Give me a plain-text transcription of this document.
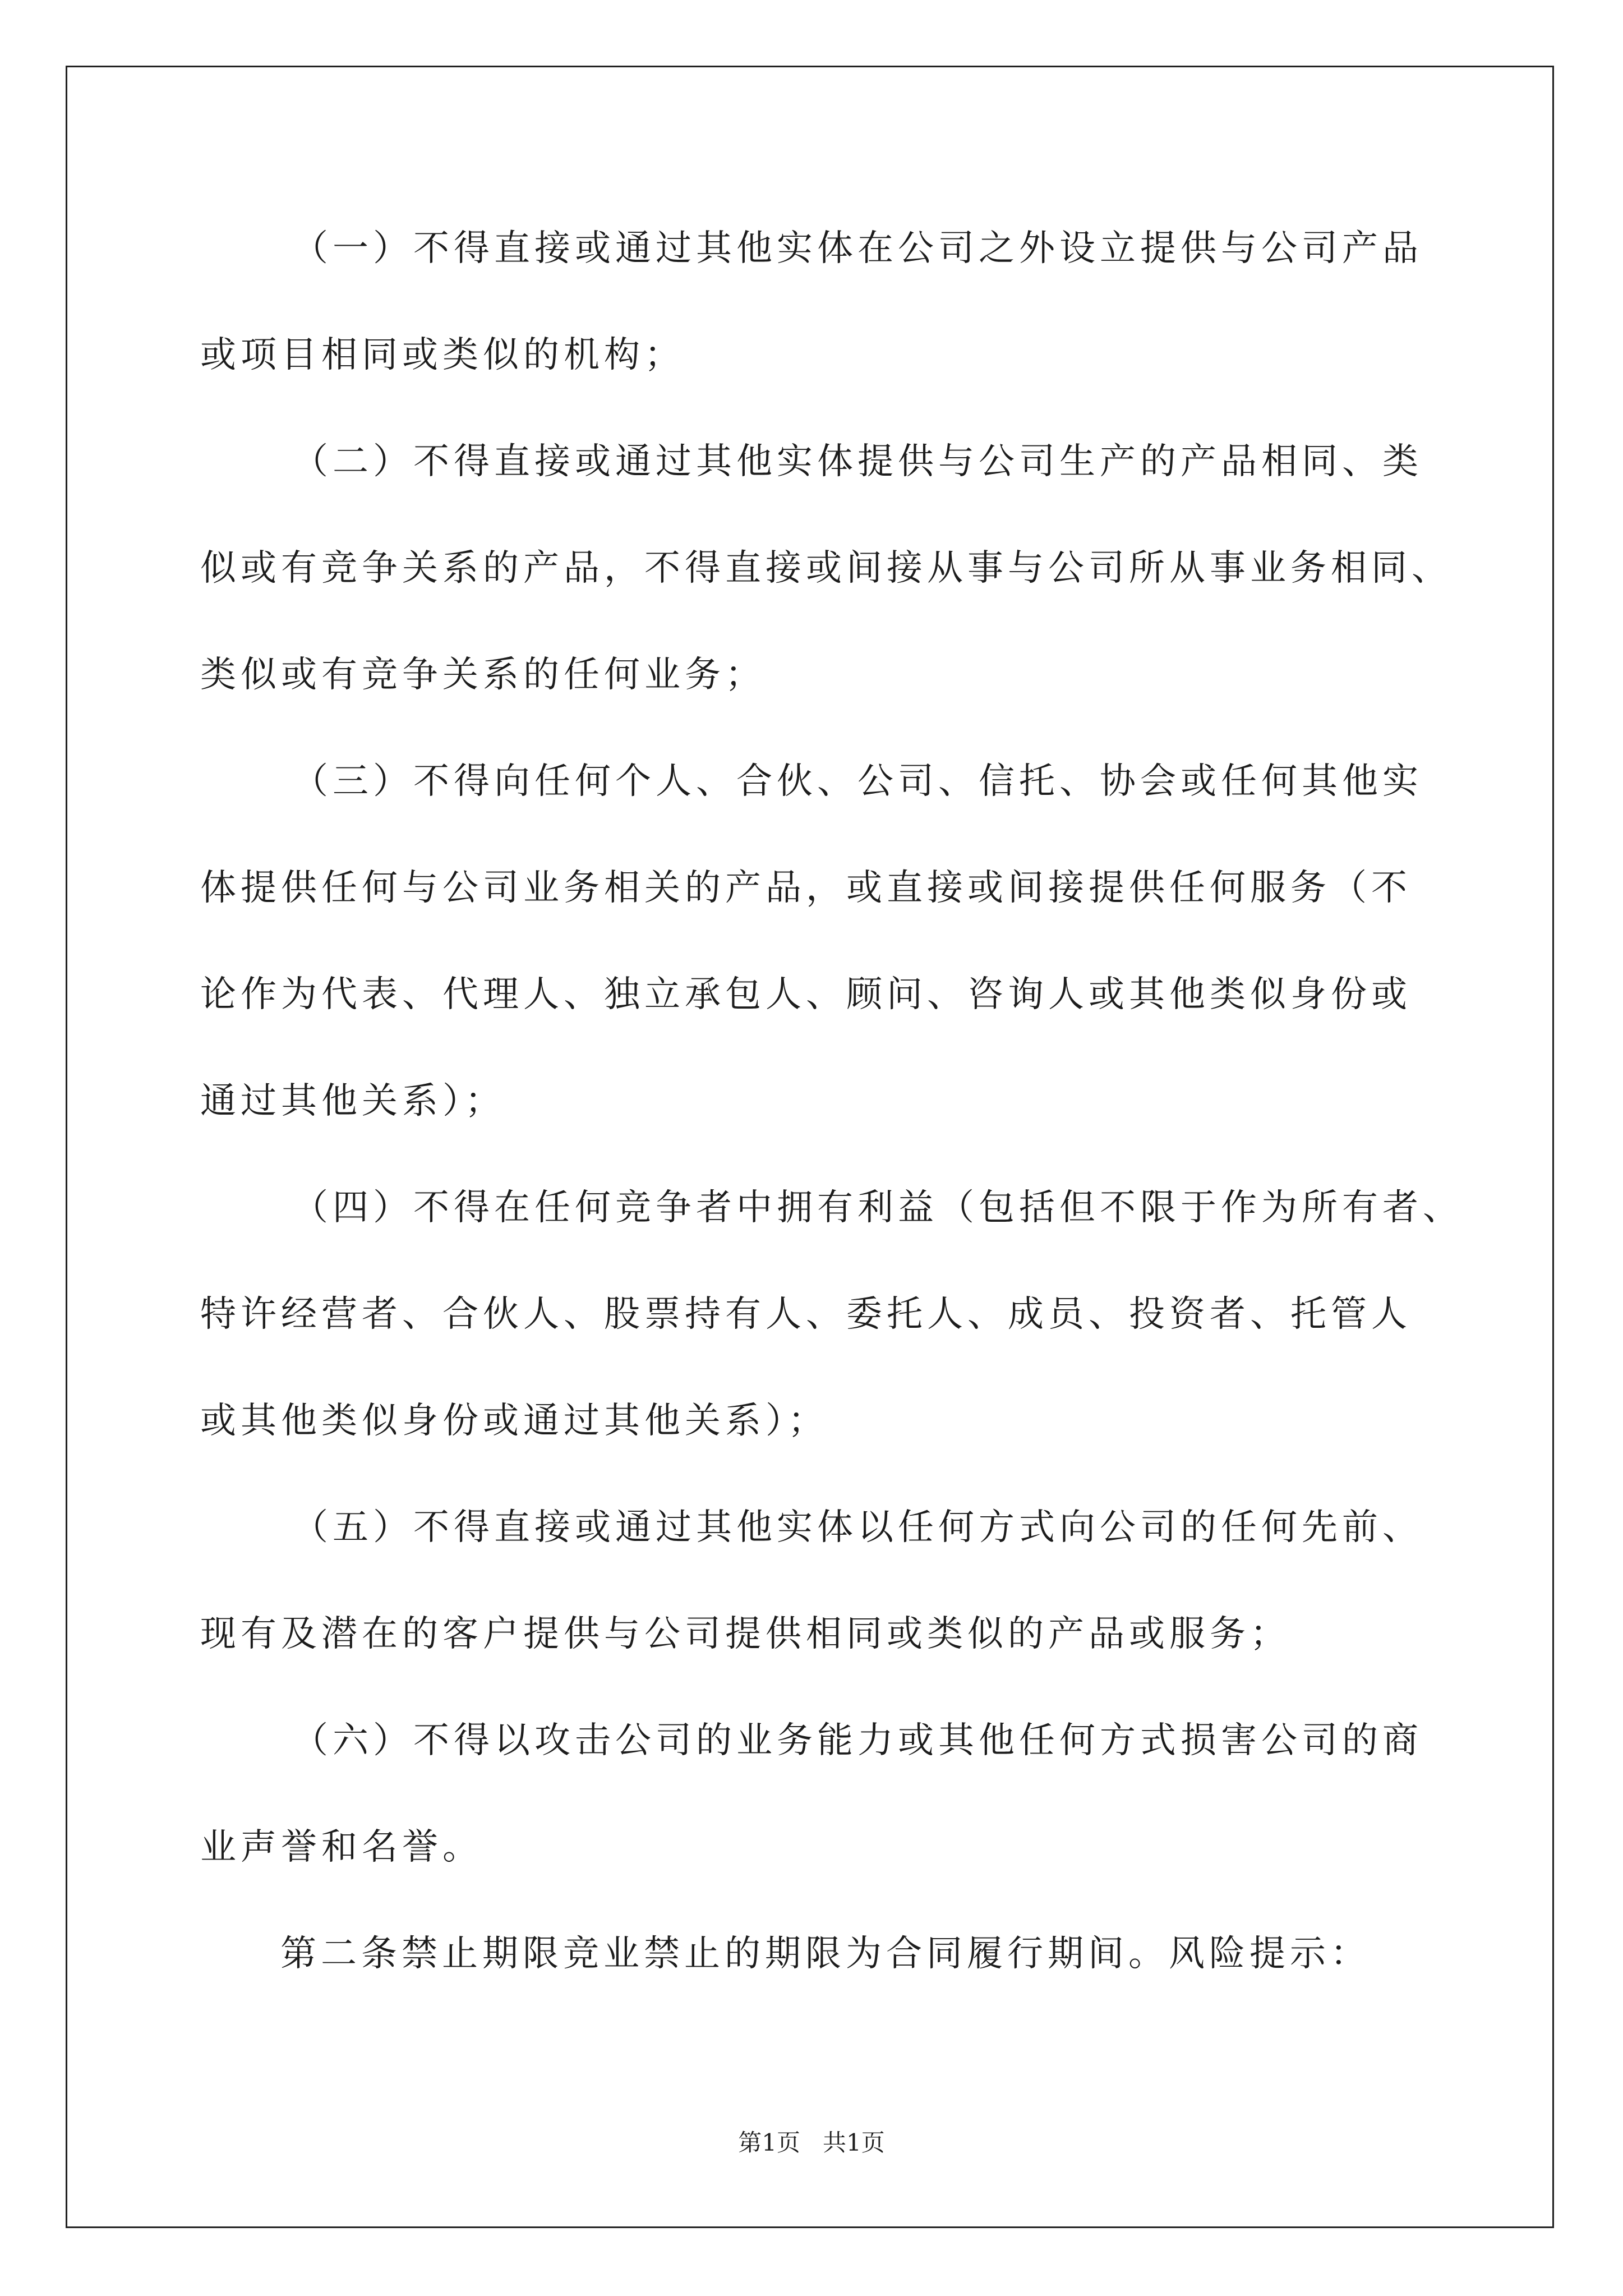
（一）不得直接或通过其他实体在公司之外设立提供与公司产品
或项目相同或类似的机构；
（二）不得直接或通过其他实体提供与公司生产的产品相同、类
似或有竞争关系的产品，不得直接或间接从事与公司所从事业务相同、
类似或有竞争关系的任何业务；
（三）不得向任何个人、合伙、公司、信托、协会或任何其他实
体提供任何与公司业务相关的产品，或直接或间接提供任何服务（不
论作为代表、代理人、独立承包人、顾问、咨询人或其他类似身份或
通过其他关系）；
（四）不得在任何竞争者中拥有利益（包括但不限于作为所有者、
特许经营者、合伙人、股票持有人、委托人、成员、投资者、托管人
或其他类似身份或通过其他关系）；
（五）不得直接或通过其他实体以任何方式向公司的任何先前、
现有及潜在的客户提供与公司提供相同或类似的产品或服务；
（六）不得以攻击公司的业务能力或其他任何方式损害公司的商
业声誉和名誉。
第二条禁止期限竞业禁止的期限为合同履行期间。风险提示：
第1页   共1页
